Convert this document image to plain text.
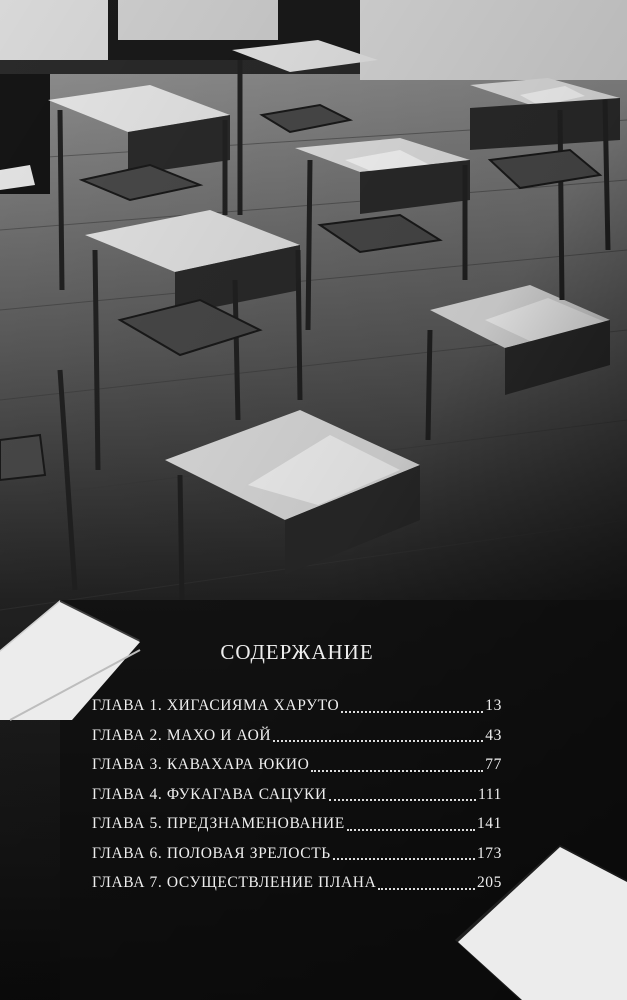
СОДЕРЖАНИЕ
ГЛАВА 1. ХИГАСИЯМА ХАРУТО	13
ГЛАВА 2. МАХО И АОЙ	43
ГЛАВА 3. КАВАХАРА ЮКИО	77
ГЛАВА 4. ФУКАГАВА САЦУКИ	111
ГЛАВА 5. ПРЕДЗНАМЕНОВАНИЕ	141
ГЛАВА 6. ПОЛОВАЯ ЗРЕЛОСТЬ	173
ГЛАВА 7. ОСУЩЕСТВЛЕНИЕ ПЛАНА	205
